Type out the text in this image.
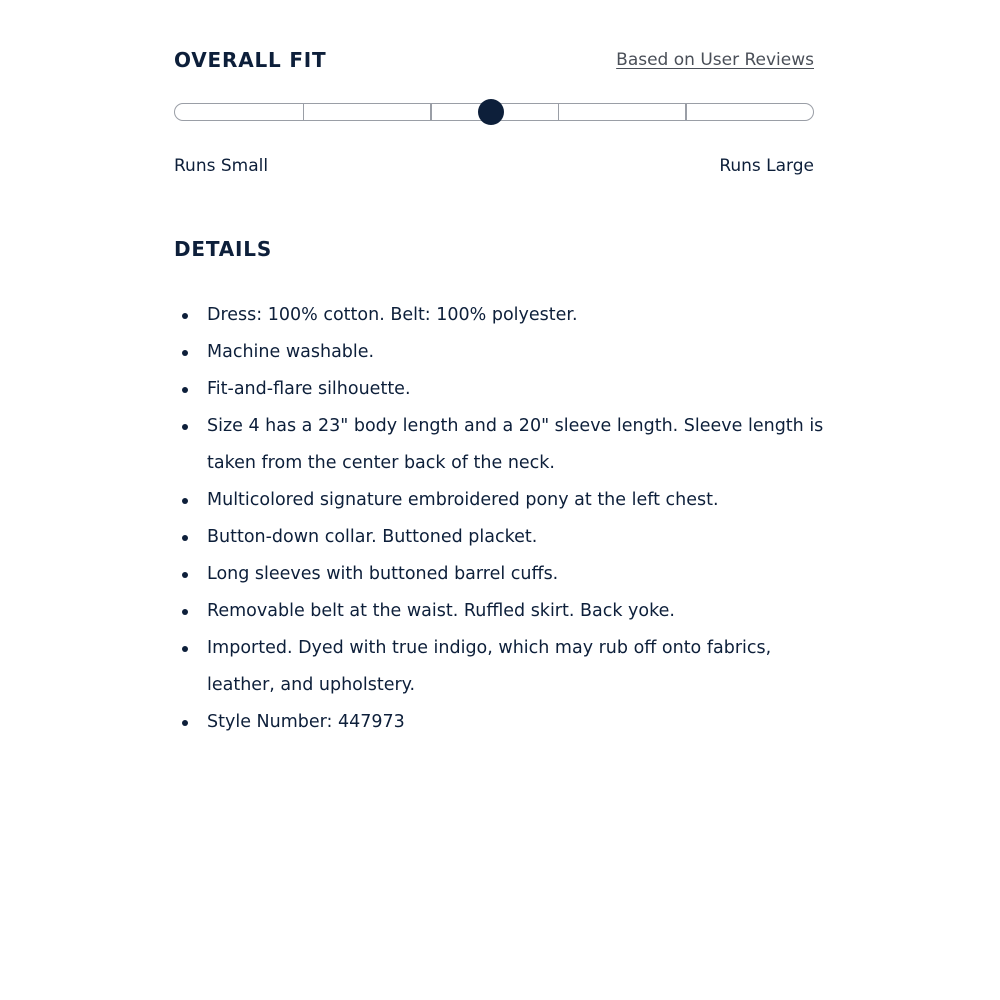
OVERALL FIT	Based on User Reviews
Runs Small	Runs Large
DETAILS
Dress: 100% cotton. Belt: 100% polyester.
Machine washable.
Fit-and-flare silhouette.
Size 4 has a 23" body length and a 20" sleeve length. Sleeve length is taken from the center back of the neck.
Multicolored signature embroidered pony at the left chest.
Button-down collar. Buttoned placket.
Long sleeves with buttoned barrel cuffs.
Removable belt at the waist. Ruffled skirt. Back yoke.
Imported. Dyed with true indigo, which may rub off onto fabrics, leather, and upholstery.
Style Number: 447973
